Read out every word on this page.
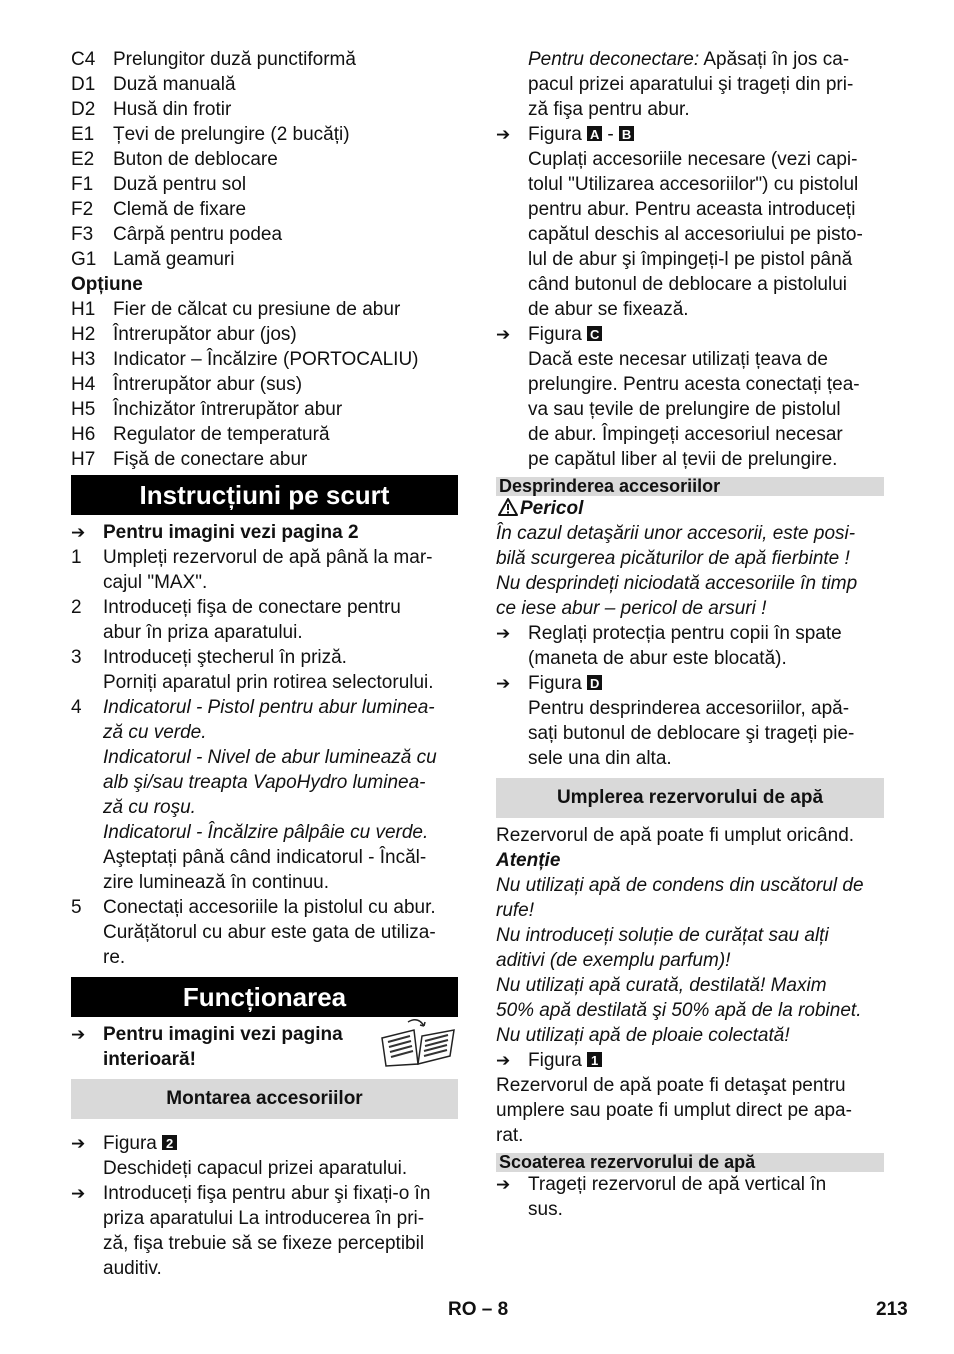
C4 Prelungitor duză punctiformă
D1 Duză manuală
D2 Husă din frotir
E1 Țevi de prelungire (2 bucăți)
E2 Buton de deblocare
F1	Duză pentru sol
F2	Clemă de fixare
F3	Cârpă pentru podea
G1 Lamă geamuri
Opțiune
H1 Fier de călcat cu presiune de abur
H2 Întrerupător abur (jos)
H3 Indicator – Încălzire (PORTOCALIU)
H4 Întrerupător abur (sus)
H5 Închizător întrerupător abur
H6 Regulator de temperatură
H7 Fişă de conectare abur
Instrucțiuni pe scurt
➔ Pentru imagini vezi pagina 2
1	Umpleți rezervorul de apă până la mar-
cajul "MAX".
2	Introduceți fişa de conectare pentru
abur în priza aparatului.
3	Introduceți ştecherul în priză.
Porniți aparatul prin rotirea selectorului.
4	Indicatorul - Pistol pentru abur luminea-
ză cu verde.
Indicatorul - Nivel de abur luminează cu
alb şi/sau treapta VapoHydro luminea-
ză cu roşu.
Indicatorul - Încălzire pâlpâie cu verde.
Aşteptați până când indicatorul - Încăl-
zire luminează în continuu.
5	Conectați accesoriile la pistolul cu abur.
Curățătorul cu abur este gata de utiliza-
re.
Funcționarea
➔ Pentru imagini vezi pagina
interioară!
Montarea accesoriilor
➔ Figura 2
Deschideți capacul prizei aparatului.
➔ Introduceți fişa pentru abur şi fixați-o în
priza aparatului La introducerea în pri-
ză, fişa trebuie să se fixeze perceptibil
auditiv.
Pentru deconectare: Apăsați în jos ca-
pacul prizei aparatului şi trageți din pri-
ză fişa pentru abur.
➔ Figura A - B
Cuplați accesoriile necesare (vezi capi-
tolul "Utilizarea accesoriilor") cu pistolul
pentru abur. Pentru aceasta introduceți
capătul deschis al accesoriului pe pisto-
lul de abur şi împingeți-l pe pistol până
când butonul de deblocare a pistolului
de abur se fixează.
➔ Figura C
Dacă este necesar utilizați țeava de
prelungire. Pentru acesta conectați țea-
va sau țevile de prelungire de pistolul
de abur. Împingeți accesoriul necesar
pe capătul liber al țevii de prelungire.
Desprinderea accesoriilor
Pericol
În cazul detaşării unor accesorii, este posi-
bilă scurgerea picăturilor de apă fierbinte !
Nu desprindeți niciodată accesoriile în timp
ce iese abur – pericol de arsuri !
➔ Reglați protecția pentru copii în spate
(maneta de abur este blocată).
➔ Figura D
Pentru desprinderea accesoriilor, apă-
sați butonul de deblocare şi trageți pie-
sele una din alta.
Umplerea rezervorului de apă
Rezervorul de apă poate fi umplut oricând.
Atenție
Nu utilizați apă de condens din uscătorul de
rufe!
Nu introduceți soluție de curățat sau alți
aditivi (de exemplu parfum)!
Nu utilizați apă curată, destilată! Maxim
50% apă destilată şi 50% apă de la robinet.
Nu utilizați apă de ploaie colectată!
➔ Figura 1
Rezervorul de apă poate fi detaşat pentru
umplere sau poate fi umplut direct pe apa-
rat.
Scoaterea rezervorului de apă
➔ Trageți rezervorul de apă vertical în
sus.
RO – 8	213
